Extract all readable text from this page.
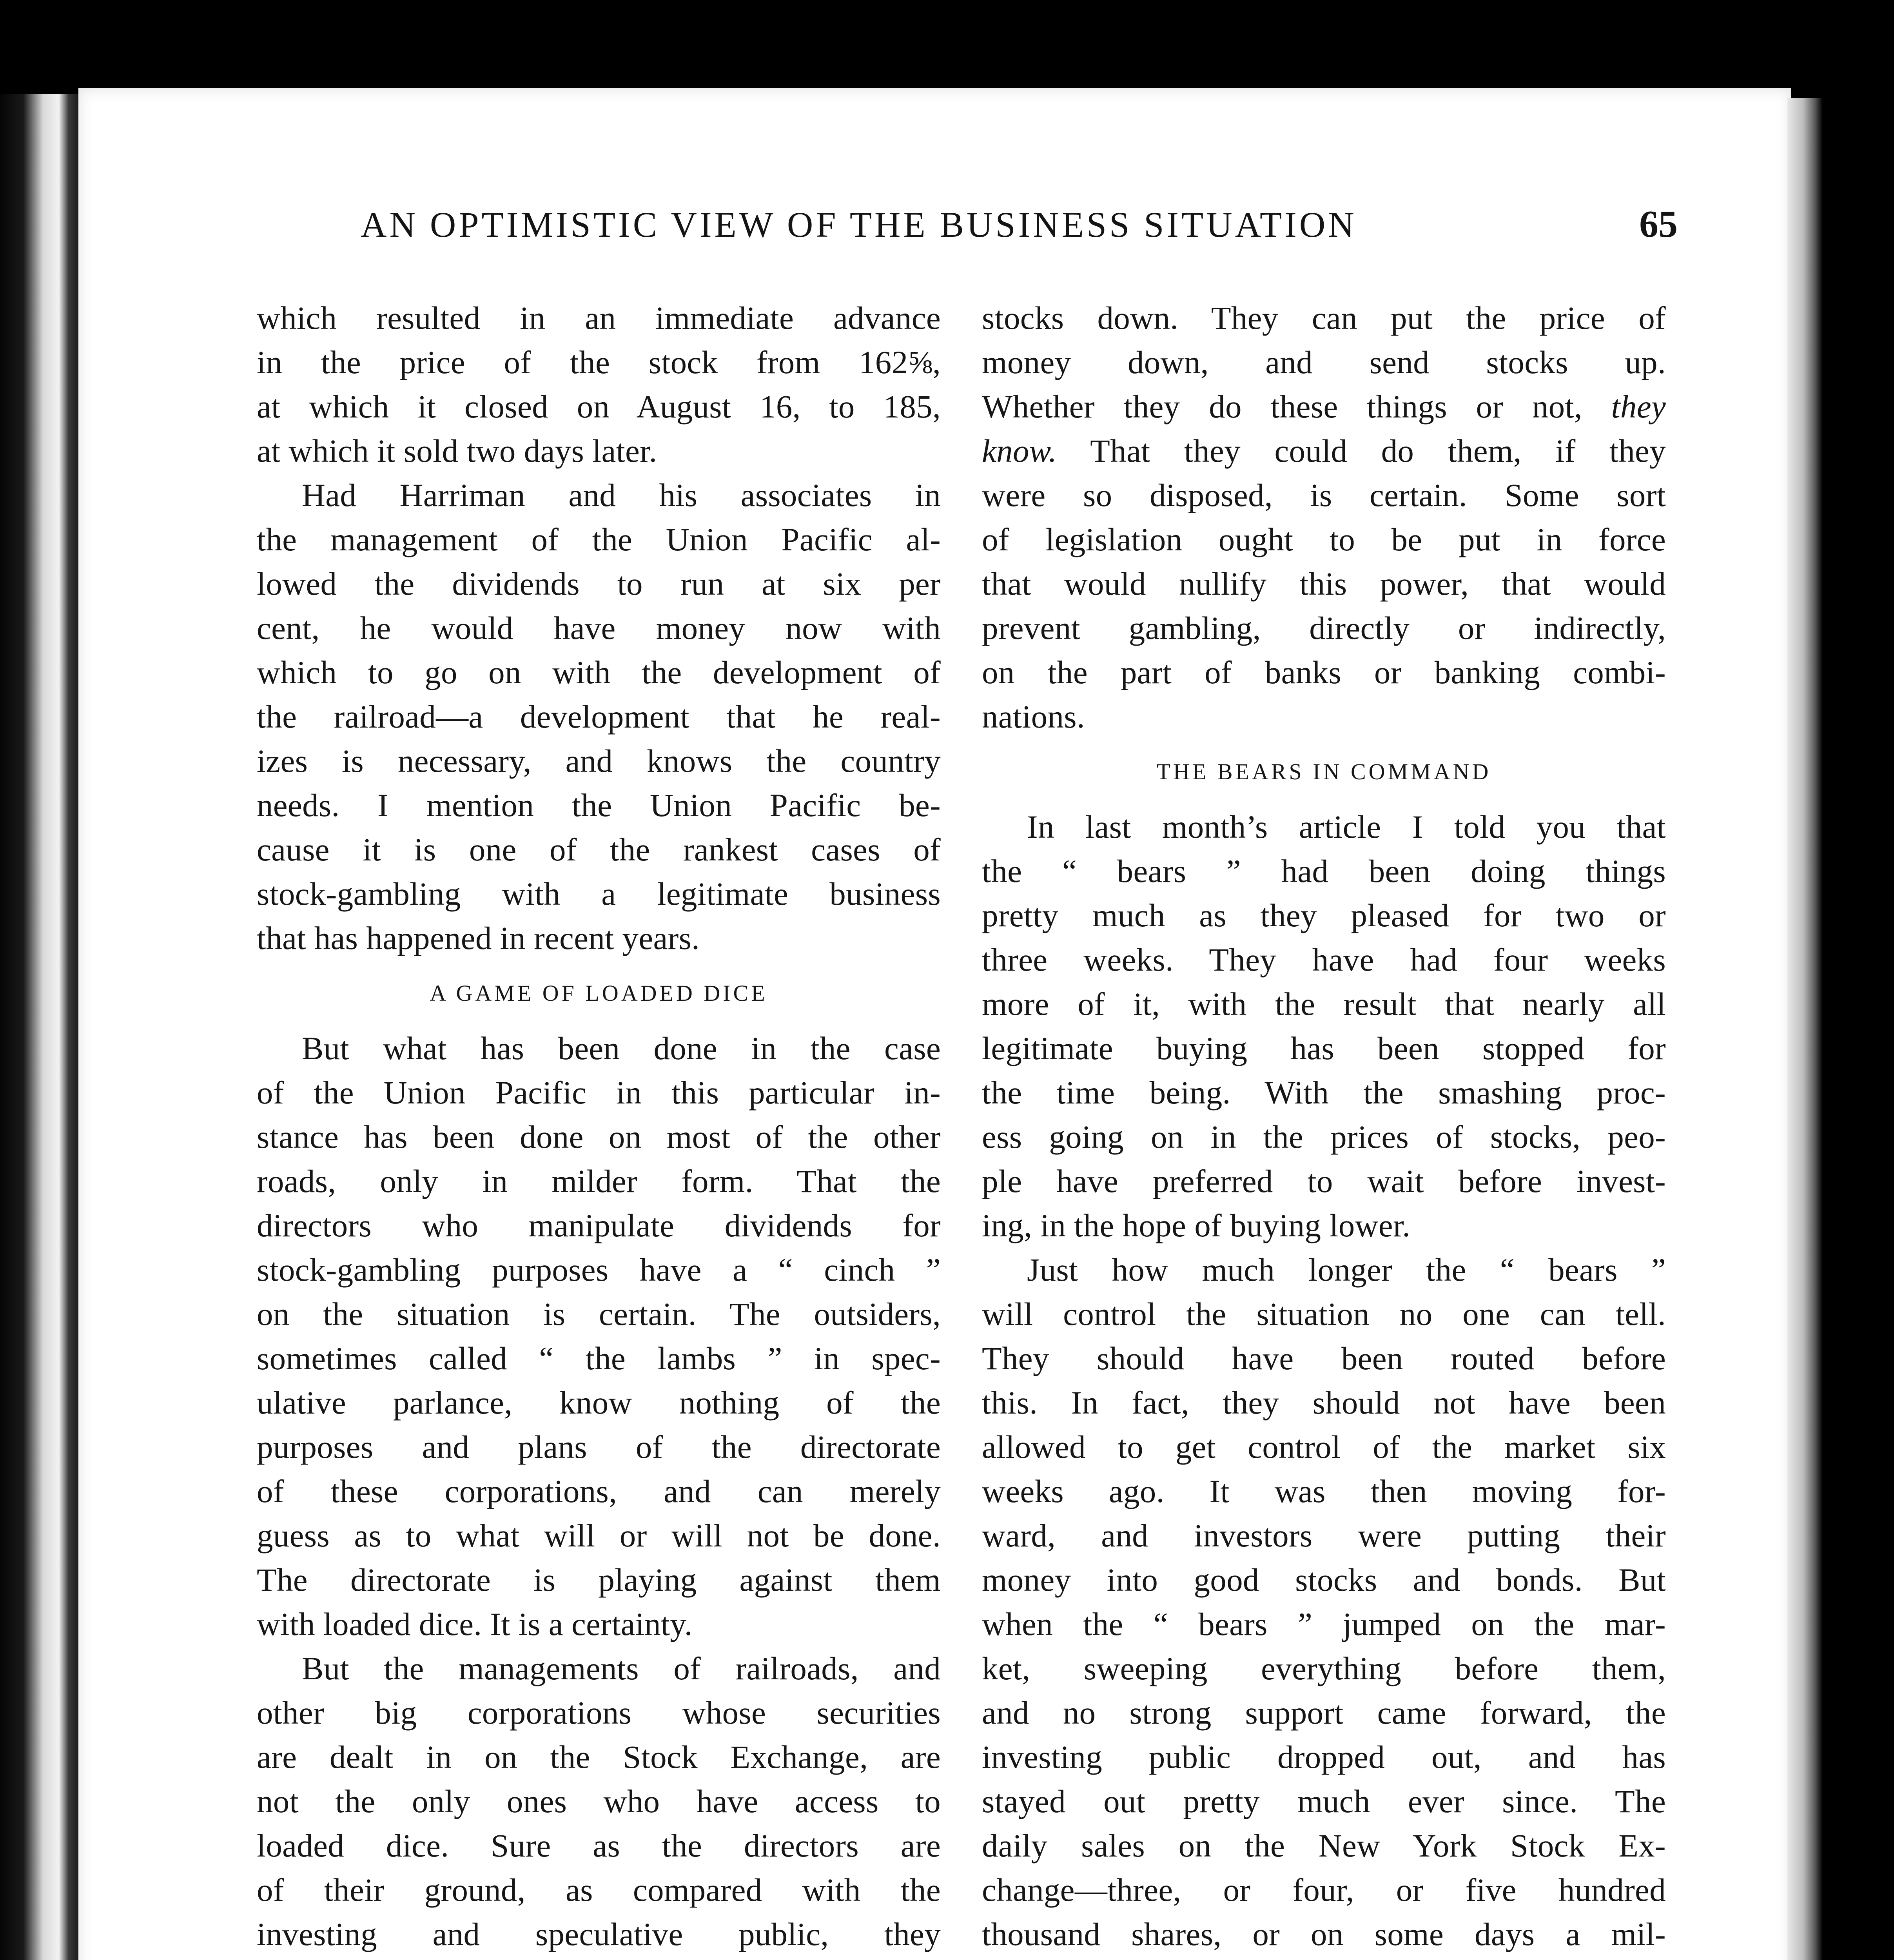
AN OPTIMISTIC VIEW OF THE BUSINESS SITUATION	65
which resulted in an immediate advance
in the price of the stock from 162⅝,
at which it closed on August 16, to 185,
at which it sold two days later.
Had Harriman and his associates in
the management of the Union Pacific al-
lowed the dividends to run at six per
cent, he would have money now with
which to go on with the development of
the railroad—a development that he real-
izes is necessary, and knows the country
needs. I mention the Union Pacific be-
cause it is one of the rankest cases of
stock-gambling with a legitimate business
that has happened in recent years.
A GAME OF LOADED DICE
But what has been done in the case
of the Union Pacific in this particular in-
stance has been done on most of the other
roads, only in milder form. That the
directors who manipulate dividends for
stock-gambling purposes have a “ cinch ”
on the situation is certain. The outsiders,
sometimes called “ the lambs ” in spec-
ulative parlance, know nothing of the
purposes and plans of the directorate
of these corporations, and can merely
guess as to what will or will not be done.
The directorate is playing against them
with loaded dice. It is a certainty.
But the managements of railroads, and
other big corporations whose securities
are dealt in on the Stock Exchange, are
not the only ones who have access to
loaded dice. Sure as the directors are
of their ground, as compared with the
investing and speculative public, they
stocks down. They can put the price of
money down, and send stocks up.
Whether they do these things or not, they
know. That they could do them, if they
were so disposed, is certain. Some sort
of legislation ought to be put in force
that would nullify this power, that would
prevent gambling, directly or indirectly,
on the part of banks or banking combi-
nations.
THE BEARS IN COMMAND
In last month’s article I told you that
the “ bears ” had been doing things
pretty much as they pleased for two or
three weeks. They have had four weeks
more of it, with the result that nearly all
legitimate buying has been stopped for
the time being. With the smashing proc-
ess going on in the prices of stocks, peo-
ple have preferred to wait before invest-
ing, in the hope of buying lower.
Just how much longer the “ bears ”
will control the situation no one can tell.
They should have been routed before
this. In fact, they should not have been
allowed to get control of the market six
weeks ago. It was then moving for-
ward, and investors were putting their
money into good stocks and bonds. But
when the “ bears ” jumped on the mar-
ket, sweeping everything before them,
and no strong support came forward, the
investing public dropped out, and has
stayed out pretty much ever since. The
daily sales on the New York Stock Ex-
change—three, or four, or five hundred
thousand shares, or on some days a mil-
